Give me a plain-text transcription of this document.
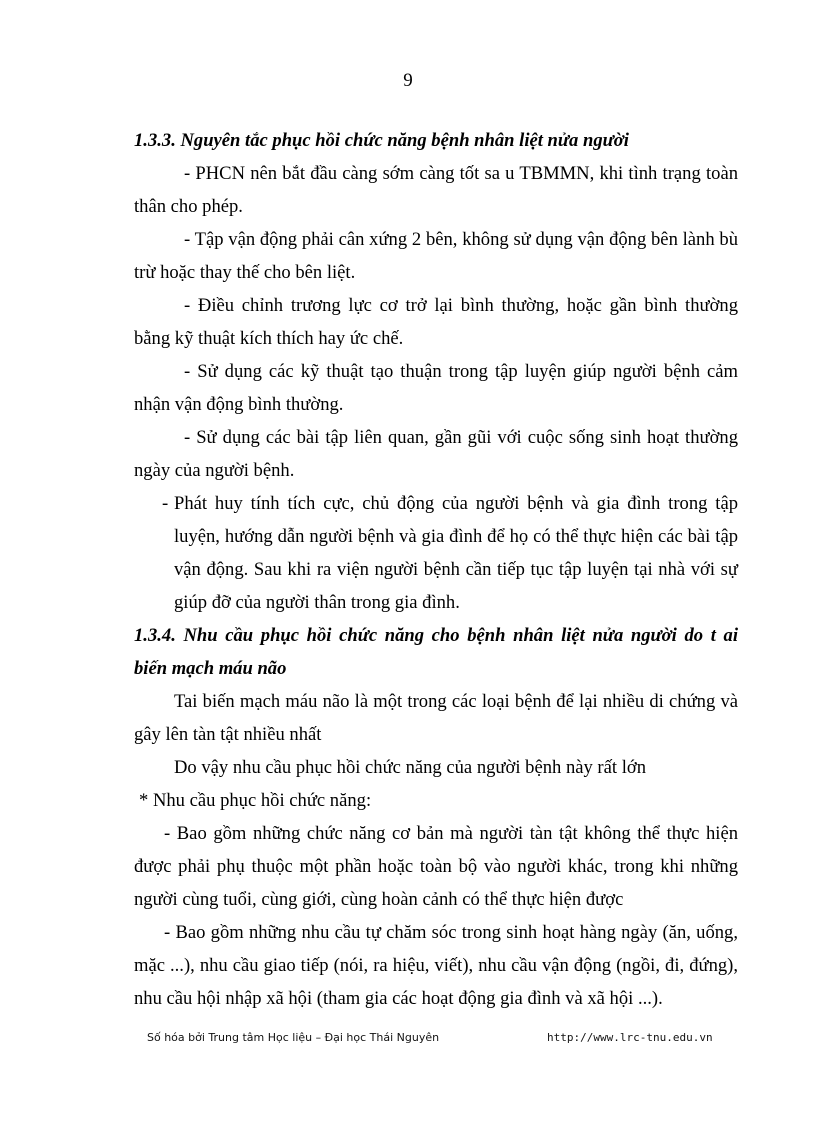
9

1.3.3. Nguyên tắc phục hồi chức năng bệnh nhân liệt nửa người

- PHCN nên bắt đầu càng sớm càng tốt sa u TBMMN, khi tình trạng toàn thân cho phép.

- Tập vận động phải cân xứng 2 bên, không sử dụng vận động bên lành bù trừ hoặc thay thế cho bên liệt.

- Điều chỉnh trương lực cơ trở lại bình thường, hoặc gần bình thường bằng kỹ thuật kích thích hay ức chế.

- Sử dụng các kỹ thuật tạo thuận trong tập luyện giúp người bệnh cảm nhận vận động bình thường.

- Sử dụng các bài tập liên quan, gần gũi với cuộc sống sinh hoạt thường ngày của người bệnh.

- Phát huy tính tích cực, chủ động của người bệnh và gia đình trong tập luyện, hướng dẫn người bệnh và gia đình để họ có thể thực hiện các bài tập vận động. Sau khi ra viện người bệnh cần tiếp tục tập luyện tại nhà với sự giúp đỡ của người thân trong gia đình.

1.3.4. Nhu cầu phục hồi chức năng cho bệnh nhân liệt nửa người do t ai

biến mạch máu não

Tai biến mạch máu não là một trong các loại bệnh để lại nhiều di chứng và gây lên tàn tật nhiều nhất

Do vậy nhu cầu phục hồi chức năng của người bệnh này rất lớn

* Nhu cầu phục hồi chức năng:

- Bao gồm những chức năng cơ bản mà người tàn tật không thể thực hiện được phải phụ thuộc một phần hoặc toàn bộ vào người khác, trong khi những người cùng tuổi, cùng giới, cùng hoàn cảnh có thể thực hiện được

- Bao gồm những nhu cầu tự chăm sóc trong sinh hoạt hàng ngày (ăn, uống, mặc ...), nhu cầu giao tiếp (nói, ra hiệu, viết), nhu cầu vận động (ngồi, đi, đứng), nhu cầu hội nhập xã hội (tham gia các hoạt động gia đình và xã hội ...).

Số hóa bởi Trung tâm Học liệu – Đại học Thái Nguyên	http://www.lrc-tnu.edu.vn
